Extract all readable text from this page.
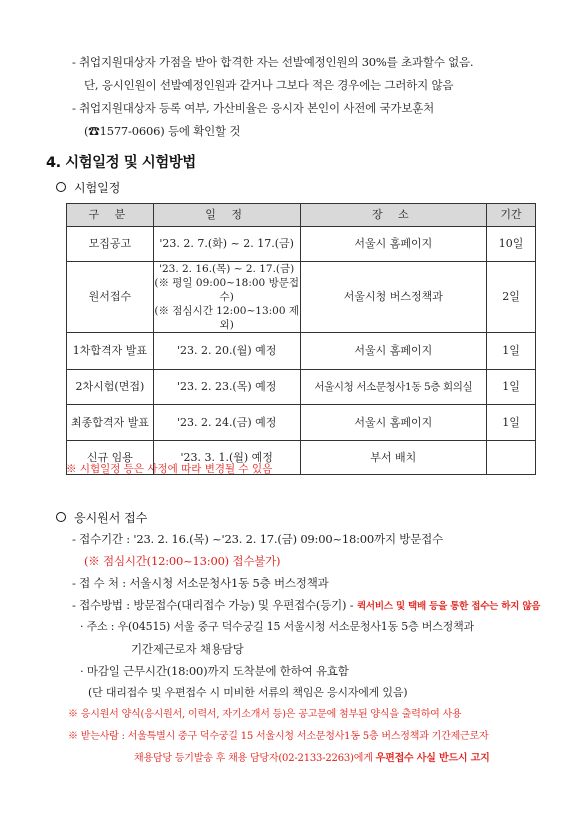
- 취업지원대상자 가점을 받아 합격한 자는 선발예정인원의 30%를 초과할수 없음.
단, 응시인원이 선발예정인원과 같거나 그보다 적은 경우에는 그러하지 않음
- 취업지원대상자 등록 여부, 가산비율은 응시자 본인이 사전에 국가보훈처
(☎1577-0606) 등에 확인할 것
4. 시험일정 및 시험방법
시험일정
구 분	일 정	장 소	기간
모집공고	'23. 2. 7.(화) ~ 2. 17.(금)	서울시 홈페이지	10일
원서접수	'23. 2. 16.(목) ~ 2. 17.(금)
(※ 평일 09:00~18:00 방문접수)
(※ 점심시간 12:00~13:00 제외)	서울시청 버스정책과	2일
1차합격자 발표	'23. 2. 20.(월) 예정	서울시 홈페이지	1일
2차시험(면접)	'23. 2. 23.(목) 예정	서울시청 서소문청사1동 5층 회의실	1일
최종합격자 발표	'23. 2. 24.(금) 예정	서울시 홈페이지	1일
신규 임용	'23. 3. 1.(월) 예정	부서 배치	
※ 시험일정 등은 사정에 따라 변경될 수 있음
응시원서 접수
- 접수기간 : '23. 2. 16.(목) ~'23. 2. 17.(금) 09:00~18:00까지 방문접수
(※ 점심시간(12:00~13:00) 접수불가)
- 접 수 처 : 서울시청 서소문청사1동 5층 버스정책과
- 접수방법 : 방문접수(대리접수 가능) 및 우편접수(등기) - 퀵서비스 및 택배 등을 통한 접수는 하지 않음
· 주소 : 우(04515) 서울 중구 덕수궁길 15 서울시청 서소문청사1동 5층 버스정책과
기간제근로자 채용담당
· 마감일 근무시간(18:00)까지 도착분에 한하여 유효함
(단 대리접수 및 우편접수 시 미비한 서류의 책임은 응시자에게 있음)
※ 응시원서 양식(응시원서, 이력서, 자기소개서 등)은 공고문에 첨부된 양식을 출력하여 사용
※ 받는사람 : 서울특별시 중구 덕수궁길 15 서울시청 서소문청사1동 5층 버스정책과 기간제근로자
채용담당 등기발송 후 채용 담당자(02-2133-2263)에게 우편접수 사실 반드시 고지
